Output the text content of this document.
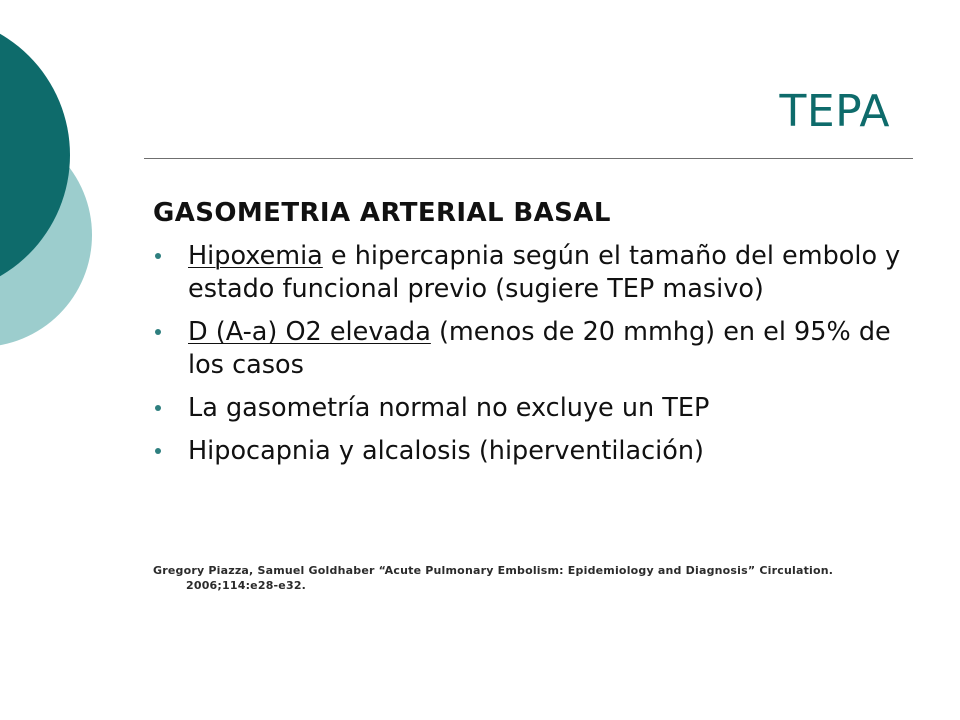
TEPA
GASOMETRIA ARTERIAL BASAL
Hipoxemia e hipercapnia según el tamaño del embolo y estado funcional previo (sugiere TEP masivo)
D (A-a) O2 elevada (menos de 20 mmhg) en el 95% de los casos
La gasometría normal no excluye un TEP
Hipocapnia y alcalosis (hiperventilación)
Gregory Piazza, Samuel Goldhaber “Acute Pulmonary Embolism: Epidemiology and Diagnosis” Circulation. 2006;114:e28-e32.
